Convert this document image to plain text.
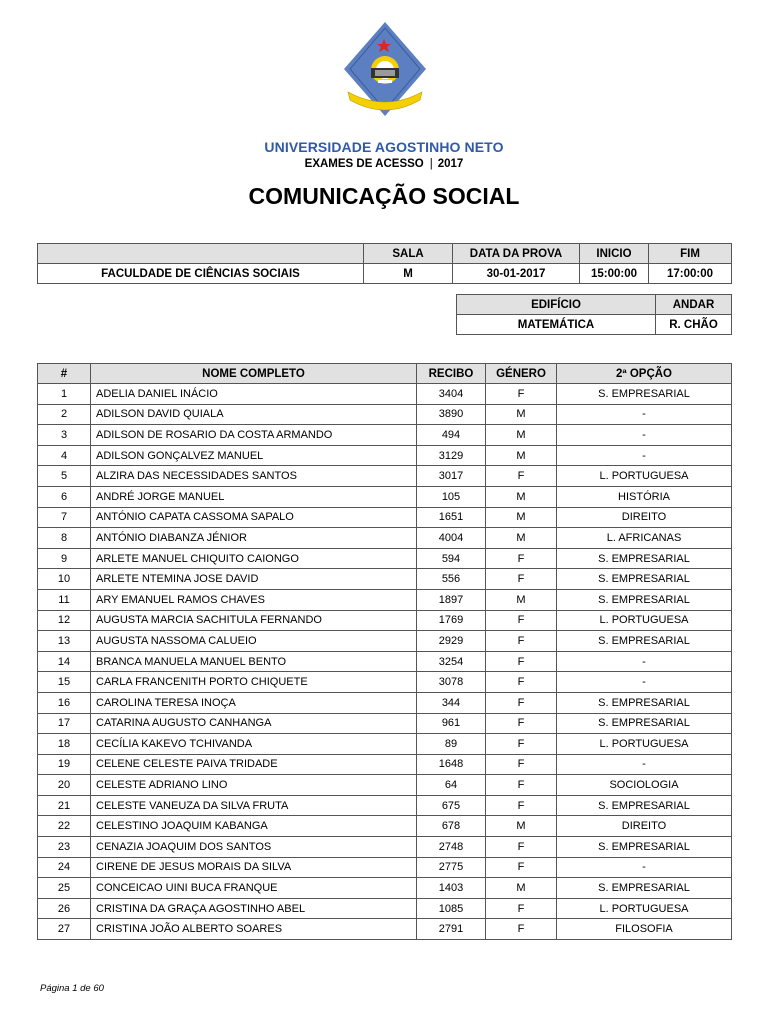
UNIVERSIDADE AGOSTINHO NETO
EXAMES DE ACESSO | 2017
COMUNICAÇÃO SOCIAL
	SALA	DATA DA PROVA	INICIO	FIM
FACULDADE DE CIÊNCIAS SOCIAIS	M	30-01-2017	15:00:00	17:00:00
EDIFÍCIO	ANDAR
MATEMÁTICA	R. CHÃO
#	NOME COMPLETO	RECIBO	GÉNERO	2ª OPÇÃO
1	ADELIA DANIEL INÁCIO	3404	F	S. EMPRESARIAL
2	ADILSON DAVID QUIALA	3890	M	-
3	ADILSON DE ROSARIO DA COSTA ARMANDO	494	M	-
4	ADILSON GONÇALVEZ MANUEL	3129	M	-
5	ALZIRA DAS NECESSIDADES SANTOS	3017	F	L. PORTUGUESA
6	ANDRÉ JORGE MANUEL	105	M	HISTÓRIA
7	ANTÓNIO CAPATA CASSOMA SAPALO	1651	M	DIREITO
8	ANTÓNIO DIABANZA JÉNIOR	4004	M	L. AFRICANAS
9	ARLETE MANUEL CHIQUITO CAIONGO	594	F	S. EMPRESARIAL
10	ARLETE NTEMINA JOSE DAVID	556	F	S. EMPRESARIAL
11	ARY EMANUEL RAMOS CHAVES	1897	M	S. EMPRESARIAL
12	AUGUSTA MARCIA SACHITULA FERNANDO	1769	F	L. PORTUGUESA
13	AUGUSTA NASSOMA CALUEIO	2929	F	S. EMPRESARIAL
14	BRANCA MANUELA MANUEL BENTO	3254	F	-
15	CARLA FRANCENITH PORTO CHIQUETE	3078	F	-
16	CAROLINA TERESA INOÇA	344	F	S. EMPRESARIAL
17	CATARINA AUGUSTO CANHANGA	961	F	S. EMPRESARIAL
18	CECÍLIA KAKEVO TCHIVANDA	89	F	L. PORTUGUESA
19	CELENE CELESTE PAIVA TRIDADE	1648	F	-
20	CELESTE ADRIANO LINO	64	F	SOCIOLOGIA
21	CELESTE VANEUZA DA SILVA FRUTA	675	F	S. EMPRESARIAL
22	CELESTINO JOAQUIM KABANGA	678	M	DIREITO
23	CENAZIA JOAQUIM DOS SANTOS	2748	F	S. EMPRESARIAL
24	CIRENE DE JESUS MORAIS DA SILVA	2775	F	-
25	CONCEICAO UINI BUCA FRANQUE	1403	M	S. EMPRESARIAL
26	CRISTINA DA GRAÇA AGOSTINHO ABEL	1085	F	L. PORTUGUESA
27	CRISTINA JOÃO ALBERTO SOARES	2791	F	FILOSOFIA
Página 1 de 60
